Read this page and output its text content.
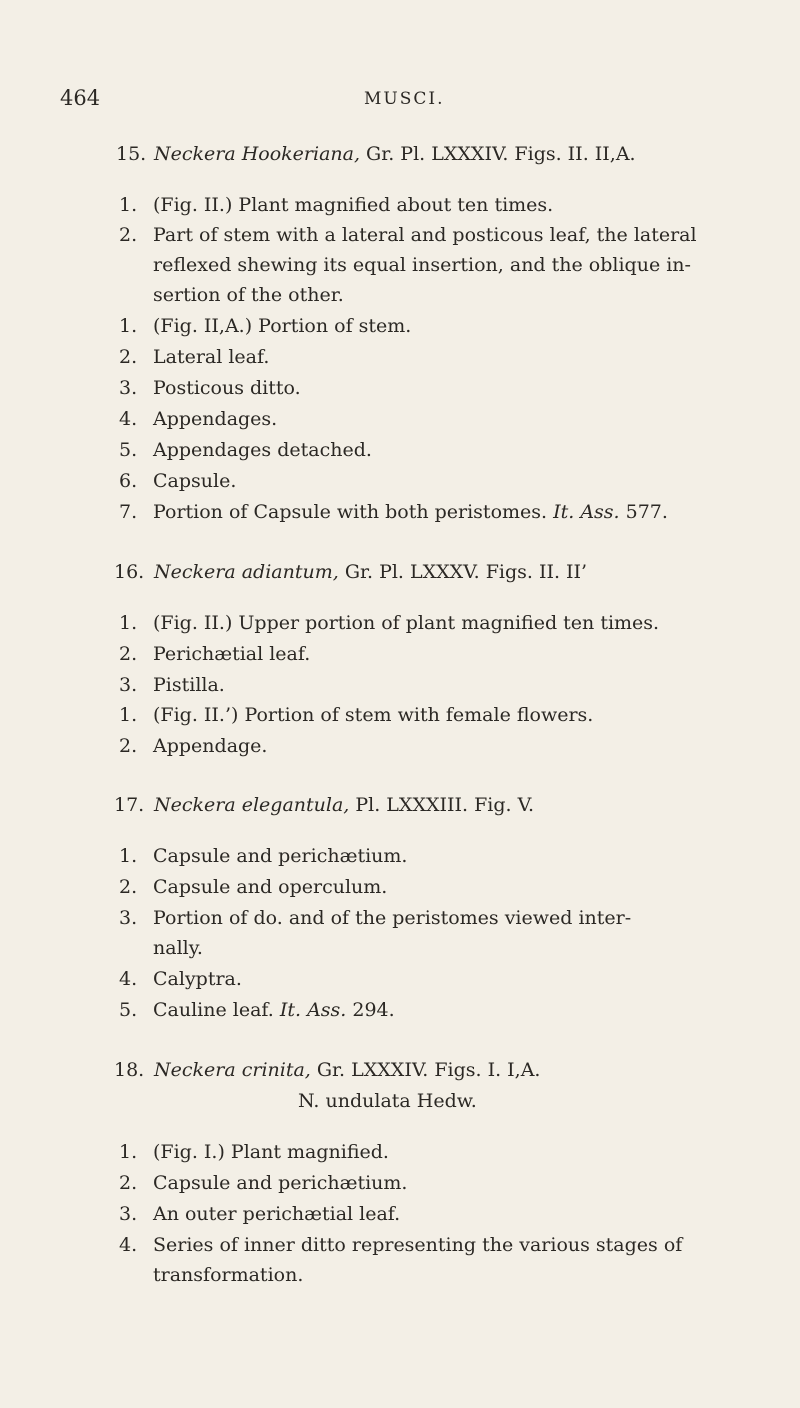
464	MUSCI.
15. Neckera Hookeriana, Gr. Pl. LXXXIV. Figs. II. II,A.
1. (Fig. II.) Plant magnified about ten times.
2. Part of stem with a lateral and posticous leaf, the lateral
reflexed shewing its equal insertion, and the oblique in-
sertion of the other.
1. (Fig. II,A.) Portion of stem.
2. Lateral leaf.
3. Posticous ditto.
4. Appendages.
5. Appendages detached.
6. Capsule.
7. Portion of Capsule with both peristomes. It. Ass. 577.
16. Neckera adiantum, Gr. Pl. LXXXV. Figs. II. II’
1. (Fig. II.) Upper portion of plant magnified ten times.
2. Perichætial leaf.
3. Pistilla.
1. (Fig. II.’) Portion of stem with female flowers.
2. Appendage.
17. Neckera elegantula, Pl. LXXXIII. Fig. V.
1. Capsule and perichætium.
2. Capsule and operculum.
3. Portion of do. and of the peristomes viewed inter-
nally.
4. Calyptra.
5. Cauline leaf. It. Ass. 294.
18. Neckera crinita, Gr. LXXXIV. Figs. I. I,A.
N. undulata Hedw.
1. (Fig. I.) Plant magnified.
2. Capsule and perichætium.
3. An outer perichætial leaf.
4. Series of inner ditto representing the various stages of
transformation.
